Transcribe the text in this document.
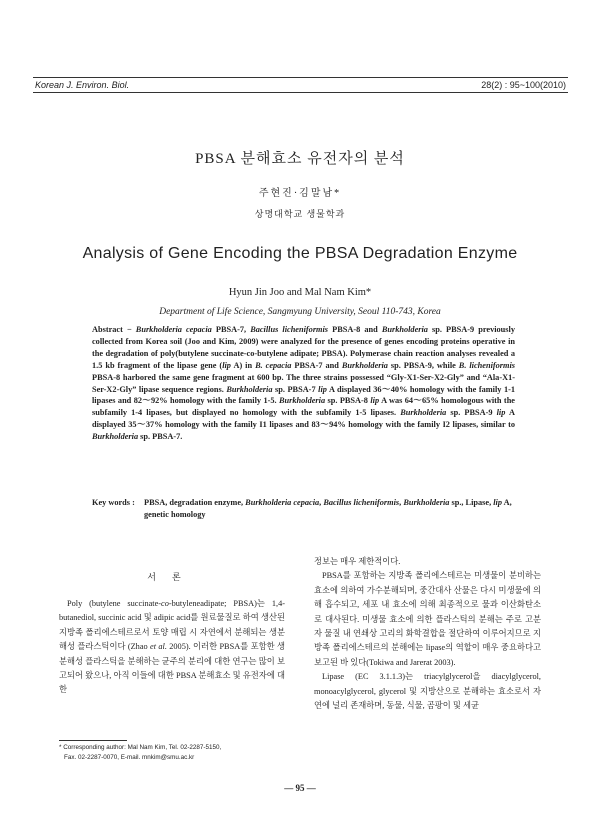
Korean J. Environ. Biol.	28(2) : 95~100(2010)
PBSA 분해효소 유전자의 분석
주현진·김말남*
상명대학교 생물학과
Analysis of Gene Encoding the PBSA Degradation Enzyme
Hyun Jin Joo and Mal Nam Kim*
Department of Life Science, Sangmyung University, Seoul 110-743, Korea
Abstract − Burkholderia cepacia PBSA-7, Bacillus licheniformis PBSA-8 and Burkholderia sp. PBSA-9 previously collected from Korea soil (Joo and Kim, 2009) were analyzed for the presence of genes encoding proteins operative in the degradation of poly(butylene succinate-co-butylene adipate; PBSA). Polymerase chain reaction analyses revealed a 1.5 kb fragment of the lipase gene (lip A) in B. cepacia PBSA-7 and Burkholderia sp. PBSA-9, while B. licheniformis PBSA-8 harbored the same gene fragment at 600 bp. The three strains possessed “Gly-X1-Ser-X2-Gly” and “Ala-X1-Ser-X2-Gly” lipase sequence regions. Burkholderia sp. PBSA-7 lip A displayed 36～40% homology with the family 1-1 lipases and 82～92% homology with the family 1-5. Burkholderia sp. PBSA-8 lip A was 64～65% homologous with the subfamily 1-4 lipases, but displayed no homology with the subfamily 1-5 lipases. Burkholderia sp. PBSA-9 lip A displayed 35～37% homology with the family I1 lipases and 83～94% homology with the family I2 lipases, similar to Burkholderia sp. PBSA-7.
Key words : PBSA, degradation enzyme, Burkholderia cepacia, Bacillus licheniformis, Burkholderia sp., Lipase, lip A, genetic homology
서론
Poly (butylene succinate-co-butyleneadipate; PBSA)는 1,4-butanediol, succinic acid 및 adipic acid를 원료물질로 하여 생산된 지방족 폴리에스테르로서 토양 매립 시 자연에서 분해되는 생분해성 플라스틱이다 (Zhao et al. 2005). 이러한 PBSA를 포함한 생분해성 플라스틱을 분해하는 균주의 분리에 대한 연구는 많이 보고되어 왔으나, 아직 이들에 대한 PBSA 분해효소 및 유전자에 대한
정보는 매우 제한적이다.
PBSA를 포함하는 지방족 폴리에스테르는 미생물이 분비하는 효소에 의하여 가수분해되며, 중간대사 산물은 다시 미생물에 의해 흡수되고, 세포 내 효소에 의해 최종적으로 물과 이산화탄소로 대사된다. 미생물 효소에 의한 플라스틱의 분해는 주로 고분자 물질 내 연쇄상 고리의 화학결합을 절단하여 이루어지므로 지방족 폴리에스테르의 분해에는 lipase의 역할이 매우 중요하다고 보고된 바 있다(Tokiwa and Jarerat 2003).
Lipase (EC 3.1.1.3)는 triacylglycerol을 diacylglycerol, monoacylglycerol, glycerol 및 지방산으로 분해하는 효소로서 자연에 널리 존재하며, 동물, 식물, 곰팡이 및 세균
* Corresponding author: Mal Nam Kim, Tel. 02-2287-5150,
Fax. 02-2287-0070, E-mail. mnkim@smu.ac.kr
— 95 —
